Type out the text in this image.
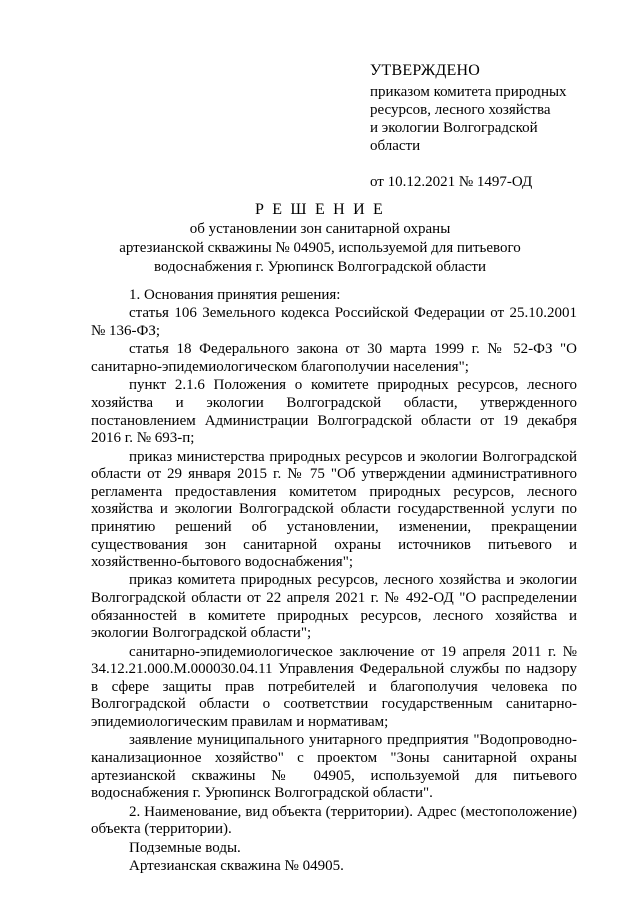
УТВЕРЖДЕНО
приказом комитета природных
ресурсов, лесного хозяйства
и экологии Волгоградской
области
от 10.12.2021 № 1497-ОД
Р Е Ш Е Н И Е
об установлении зон санитарной охраны
артезианской скважины № 04905, используемой для питьевого
водоснабжения г. Урюпинск Волгоградской области

1. Основания принятия решения:

статья 106 Земельного кодекса Российской Федерации от 25.10.2001 № 136-ФЗ;

статья 18 Федерального закона от 30 марта 1999 г. № 52-ФЗ "О санитарно-эпидемиологическом благополучии населения";

пункт 2.1.6 Положения о комитете природных ресурсов, лесного хозяйства и экологии Волгоградской области, утвержденного постановлением Администрации Волгоградской области от 19 декабря 2016 г. № 693-п;

приказ министерства природных ресурсов и экологии Волгоградской области от 29 января 2015 г. № 75 "Об утверждении административного регламента предоставления комитетом природных ресурсов, лесного хозяйства и экологии Волгоградской области государственной услуги по принятию решений об установлении, изменении, прекращении существования зон санитарной охраны источников питьевого и хозяйственно-бытового водоснабжения";

приказ комитета природных ресурсов, лесного хозяйства и экологии Волгоградской области от 22 апреля 2021 г. № 492-ОД "О распределении обязанностей в комитете природных ресурсов, лесного хозяйства и экологии Волгоградской области";

санитарно-эпидемиологическое заключение от 19 апреля 2011 г. № 34.12.21.000.М.000030.04.11 Управления Федеральной службы по надзору в сфере защиты прав потребителей и благополучия человека по Волгоградской области о соответствии государственным санитарно-эпидемиологическим правилам и нормативам;

заявление муниципального унитарного предприятия "Водопроводно-канализационное хозяйство" с проектом "Зоны санитарной охраны артезианской скважины № 04905, используемой для питьевого водоснабжения г. Урюпинск Волгоградской области".

2. Наименование, вид объекта (территории). Адрес (местоположение) объекта (территории).

Подземные воды.

Артезианская скважина № 04905.
